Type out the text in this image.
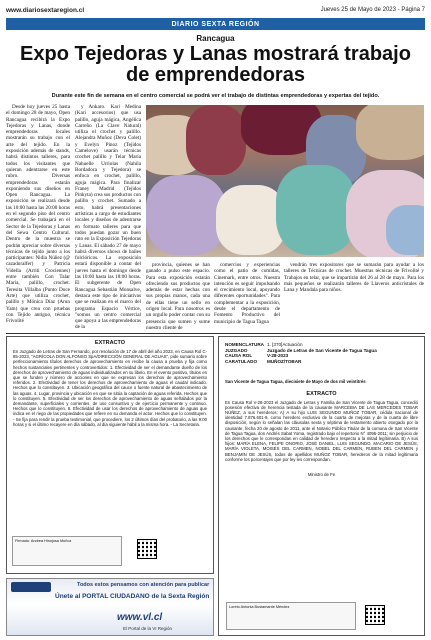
www.diariosextaregion.cl	Jueves 25 de Mayo de 2023 - Página 7
DIARIO SEXTA REGIÓN
Rancagua
Expo Tejedoras y Lanas mostrará trabajo de emprendedoras
Durante este fin de semana en el centro comercial se podrá ver el trabajo de distintas emprendedoras y expertas del tejido.

Desde hoy jueves 25 hasta el domingo 28 de mayo, Open Rancagua recibirá la Expo Tejedoras y Lanas, donde emprendedoras locales mostrarán su trabajo con el arte del tejido. En la exposición además de stands, habrá distintos talleres, para todos los visitantes que quieran adentrarse en este rubro. Diversas emprendedoras estarán exponiendo sus diseños en Open Rancagua. La exposición se realizará desde las 10:00 hasta las 20:00 horas en el segundo piso del centro comercial. Se trabajará en el Sector de la Tejedoras y Lanas del Sewa Centro Cultural. Dentro de la muestra se podrán apreciar sobre diversas técnicas de tejido junto a los participantes: Nidia Núñez (@ cazadoralfer) y Patricia Vidella (Arriti Crociennes) entre también Con Talar María, palillo, crochet. Teresita Villalba (Punto Doce Arte) que utiliza crochet, palillo y Mónica Díaz (Arun Yam) que crea con pruebas con Tejido antiguo, técnica Frivolité

y Ankaro. Kari Medina (Kari accesorios) que usa palillo, aguja mágica, Angélica Carreño (La Clave Natural) utiliza el crochet y palillo. Alejandra Muñoz (Deva Colet) y Evelyn Pinoz (Tejidos Camelove) usarán técnicas crochet palillo y Telar María Nahuelle Urriolas (Nahila Bordadora y Tejedora) se enfoca en crochet, palillo, aguja mágica. Para finalizar Franey Madrid (Tejidos Pinkyta) crea sus productos con palillo y crochet. Sumado a esto, habrá presentaciones artísticas a cargo de estudiantes locales y diseños de adentrarse en formato talleres para que todos puedan gozar un buen rato en la Exposición Tejedoras y Lanas. El sábado 27 de mayo habrá diversos shows de bailes folclóricos. La exposición estará disponible a contar del jueves hasta el domingo desde las 10:00 hasta las 18:00 horas. El subgerente de Open Rancagua Sebastián Monsalve, destaca este tipo de iniciativas que se realizan en el marco del programa Espacio Vértice, "somos un centro comercial que apoya a las emprendedoras de la

provincia, quienes se han ganado a pulso este espacio. Para esta exposición estarán ofreciendo sus productos que además de estar hechas con sus propias manos, cada una de ellas tiene un sello en origen local. Para nosotros es un orgullo poder contar con su presencia que sumen y sume nuestro cliente de

comercios y experiencias como el patio de comidas, Cinemark, entre otros. Nuestra intención es seguir impulsando el crecimiento local, apoyando diferentes oportunidades". Para complementar a la exposición, desde el departamento de Fomento Productivo del municipio de Tagua Tagua

vendrán tres expositores que se sumarán para ayudar a los talleres de Técnicas de crochet. Muestras técnicas de Frivolité y Trabajos en telar, que se impartirán del 26 al 28 de mayo. Para los más pequeños se realizarán talleres de Llaveros anticristales de Lana y Mandala para niños.

EXTRACTO
En Juzgado de Letras de San Fernando, por resolución de 17 de abril del año 2023, en Causa Rol C-85-2023, "AGRÍCOLA DON ALFONSO SpA/DIRECCIÓN GENERAL DE AGUAS", pide sumario sobre perfeccionamiento títulos derechos de aprovechamiento en recibe la causa a prueba y fija como hechos sustanciales pertinentes y controvertidos: 1. Efectividad de ser el demandante dueño de los derechos de aprovechamiento de aguas individualizados en su libelo. En el evento positivo, títulos en que se funden y número de acciones en que se expresan los derechos de aprovechamiento referidos. 2. Efectividad de tener los derechos de aprovechamiento de aguas el caudal indicado. Hechos que lo constituyen. 3. Ubicación geográfica del cauce o fuente natural de abastecimiento de las aguas. 4. Lugar, provincia y ubicación en que se sitúa la captación de aguas referida. Hechos que lo constituyen. 5. Efectividad de ser los derechos de aprovechamiento de aguas señalados por la demandante, superficiales y corrientes, de uso consuntivo y de ejercicio permanente y continuo. Hechos que lo constituyen. 6. Efectividad de usar los derechos de aprovechamiento de aguas que indica en el riego de las propiedades que refiere en su demanda el actor. Hechos que lo constituyen. - Se fija para rendir la prueba testimonial, que procediere, los 2 últimos días del probatorio, a las 9:00 horas y si el último recayere en día sábado, al día siguiente hábil a la misma hora. - La Secretaria.
Firmado: Andrea Hinojosa Muñoz
NOMENCLATURA 1. [370]Actuación
JUZGADO	Juzgado de Letras de San Vicente de Tagua Tagua
CAUSA ROL	V-28-2023
CARATULADO	MUÑOZ/TOBAR
San Vicente de Tagua Tagua, diecisiete de Mayo de dos mil veintitrés
EXTRACTO
En Causa Rol V-28-2023 el Juzgado de Letras y Familia de San Vicente de Tagua Tagua, concedió posesión efectiva de herencia testada de la causante MARCEBIA DE LAS MERCEDES TOBAR NÚÑEZ, a sus herederos: A) A su hijo LUIS SEGUNDO MUÑOZ TOBAR, cédula nacional de identidad 7.876.601-9, como heredero exclusivo de la cuarta de mejoras y de la cuarta de libre disposición, según lo señalan las cláusulas sexta y séptima de testamento abierto otorgado por la causante, fecha 20 de agosto de 2011, ante el Notario Público Titular de la comuna de San Vicente de Tagua Tagua, don Andrés Sabat Yoma, registrado bajo el repertorio N° 4096-2011; sin perjuicio de los derechos que le correspondan en calidad de heredero respecto a la mitad legítimaria. B) A sus hijos: MARÍA ELENA, FELIPE ONORIO, JOSÉ DANIEL, LUIS SEGUNDO, MACARIO DE JESÚS, MARÍA VIOLETA, MOISÉS DEL CARMEN, NOBEL DEL CARMEN, RUBEN DEL CARMEN y BENJAMÍN DE JESÚS, todos de apellidos MUÑOZ TOBAR, herederos de la mitad legítimaria conforme los porcentajes que por ley les correspondan.
Ministro de Fe
Loreto Antonia Bustamante Méndez
Todos estos pensamos con atención para publicar
Únete al PORTAL CIUDADANO de la Sexta Región
www.vl.cl
El Portal de la VI Región
